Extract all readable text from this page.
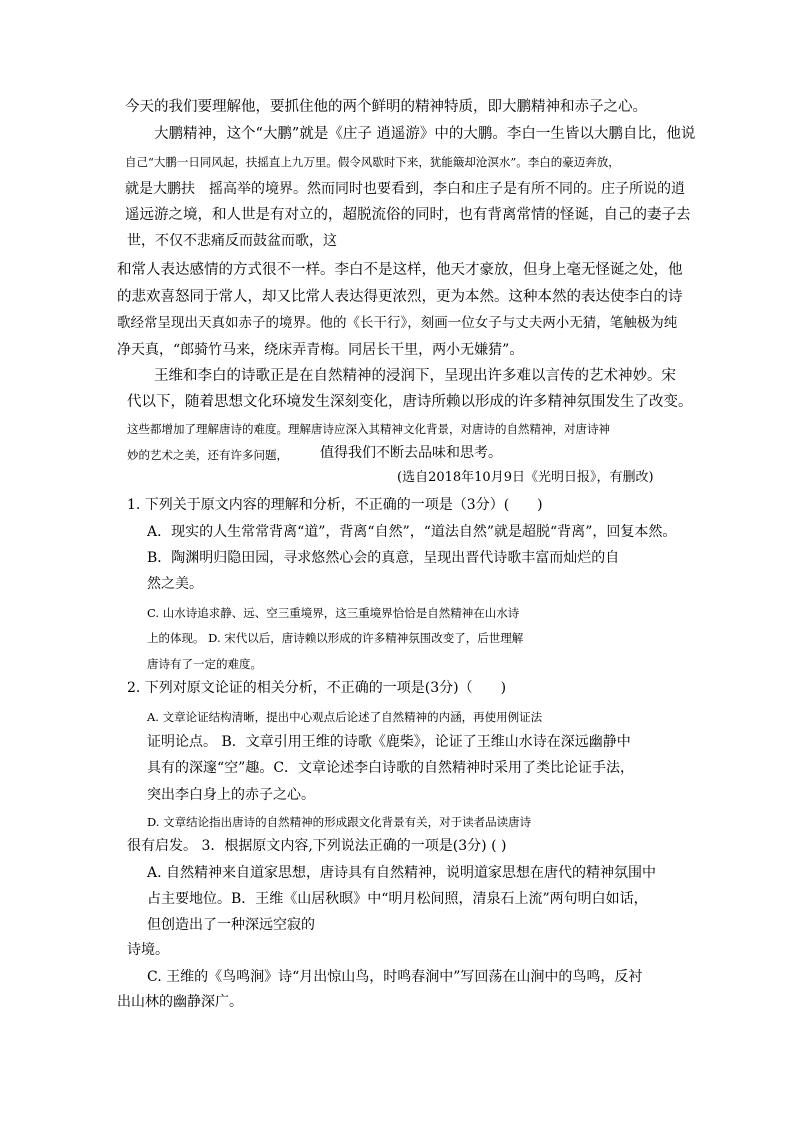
今天的我们要理解他，要抓住他的两个鲜明的精神特质，即大鹏精神和赤子之心。
大鹏精神，这个“大鹏”就是《庄子 逍遥游》中的大鹏。李白一生皆以大鹏自比，他说
自己“大鹏一日同风起，扶摇直上九万里。假令风歇时下来，犹能簸却沧溟水”。李白的豪迈奔放，
就是大鹏扶　摇高举的境界。然而同时也要看到，李白和庄子是有所不同的。庄子所说的逍
遥远游之境，和人世是有对立的，超脱流俗的同时，也有背离常情的怪诞，自己的妻子去
世，不仅不悲痛反而鼓盆而歌，这
和常人表达感情的方式很不一样。李白不是这样，他天才豪放，但身上毫无怪诞之处，他
的悲欢喜怒同于常人，却又比常人表达得更浓烈，更为本然。这种本然的表达使李白的诗
歌经常呈现出天真如赤子的境界。他的《长干行》，刻画一位女子与丈夫两小无猜，笔触极为纯
净天真，“郎骑竹马来，绕床弄青梅。同居长干里，两小无嫌猜”。
王维和李白的诗歌正是在自然精神的浸润下，呈现出许多难以言传的艺术神妙。宋
代以下，随着思想文化环境发生深刻变化，唐诗所赖以形成的许多精神氛围发生了改变。
这些都增加了理解唐诗的难度。理解唐诗应深入其精神文化背景，对唐诗的自然精神，对唐诗神
妙的艺术之美，还有许多问题， 值得我们不断去品味和思考。
(选自2018年10月9日《光明日报》，有删改)
1. 下列关于原文内容的理解和分析，不正确的一项是（3分）(　　)
A．现实的人生常常背离“道”，背离“自然”，“道法自然”就是超脱“背离”，回复本然。
B．陶渊明归隐田园，寻求悠然心会的真意，呈现出晋代诗歌丰富而灿烂的自
然之美。
C. 山水诗追求静、远、空三重境界，这三重境界恰恰是自然精神在山水诗
上的体现。 D. 宋代以后，唐诗赖以形成的许多精神氛围改变了，后世理解
唐诗有了一定的难度。
2. 下列对原文论证的相关分析，不正确的一项是(3分)（　　)
A. 文章论证结构清晰，提出中心观点后论述了自然精神的内涵，再使用例证法
证明论点。 B．文章引用王维的诗歌《鹿柴》，论证了王维山水诗在深远幽静中
具有的深邃“空”趣。C．文章论述李白诗歌的自然精神时采用了类比论证手法，
突出李白身上的赤子之心。
D. 文章结论指出唐诗的自然精神的形成跟文化背景有关，对于读者品读唐诗
很有启发。 3．根据原文内容,下列说法正确的一项是(3分) ( )
A. 自然精神来自道家思想，唐诗具有自然精神，说明道家思想在唐代的精神氛围中
占主要地位。B．王维《山居秋暝》中“明月松间照，清泉石上流”两句明白如话，
但创造出了一种深远空寂的
诗境。
C. 王维的《鸟鸣涧》诗“月出惊山鸟，时鸣春涧中”写回荡在山涧中的鸟鸣，反衬
出山林的幽静深广。
